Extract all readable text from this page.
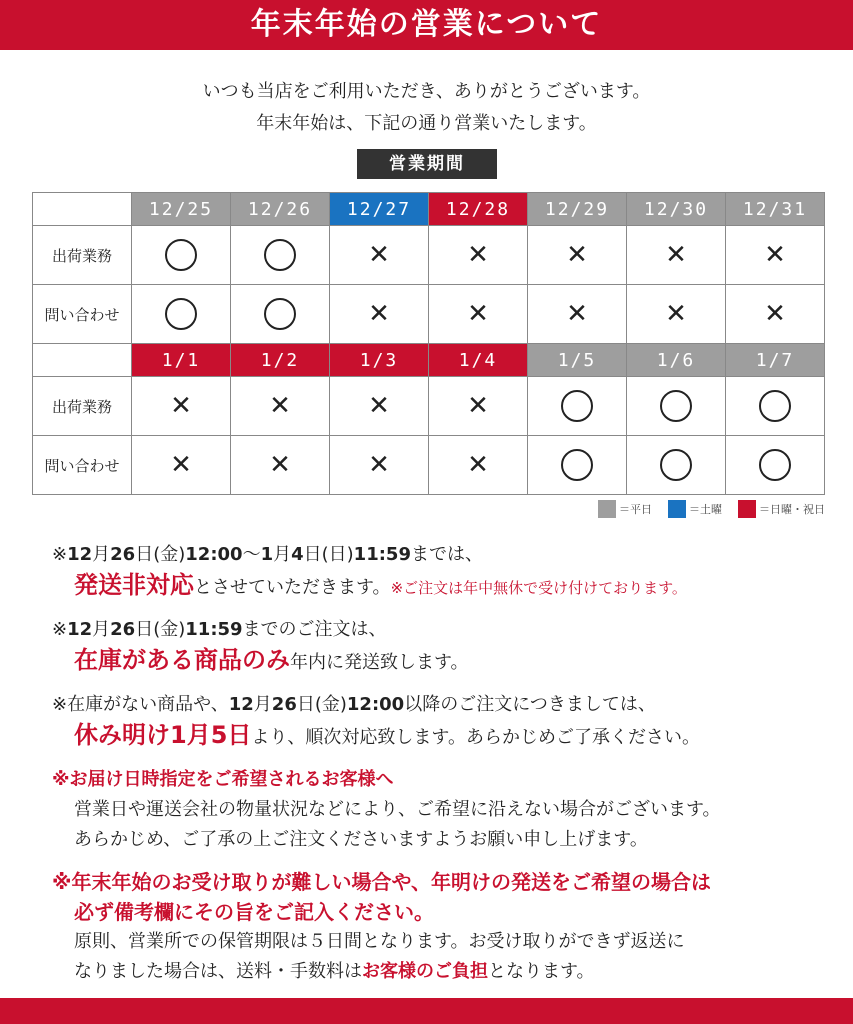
年末年始の営業について
いつも当店をご利用いただき、ありがとうございます。
年末年始は、下記の通り営業いたします。
営業期間
	12/25	12/26	12/27	12/28	12/29	12/30	12/31
出荷業務			✕	✕	✕	✕	✕
問い合わせ			✕	✕	✕	✕	✕
	1/1	1/2	1/3	1/4	1/5	1/6	1/7
出荷業務	✕	✕	✕	✕			
問い合わせ	✕	✕	✕	✕			
＝平日	＝土曜	＝日曜・祝日
※12月26日(金)12:00～1月4日(日)11:59までは、
発送非対応とさせていただきます。※ご注文は年中無休で受け付けております。
※12月26日(金)11:59までのご注文は、
在庫がある商品のみ年内に発送致します。
※在庫がない商品や、12月26日(金)12:00以降のご注文につきましては、
休み明け1月5日より、順次対応致します。あらかじめご了承ください。
※お届け日時指定をご希望されるお客様へ
営業日や運送会社の物量状況などにより、ご希望に沿えない場合がございます。
あらかじめ、ご了承の上ご注文くださいますようお願い申し上げます。
※年末年始のお受け取りが難しい場合や、年明けの発送をご希望の場合は
必ず備考欄にその旨をご記入ください。
原則、営業所での保管期限は５日間となります。お受け取りができず返送に
なりました場合は、送料・手数料はお客様のご負担となります。
